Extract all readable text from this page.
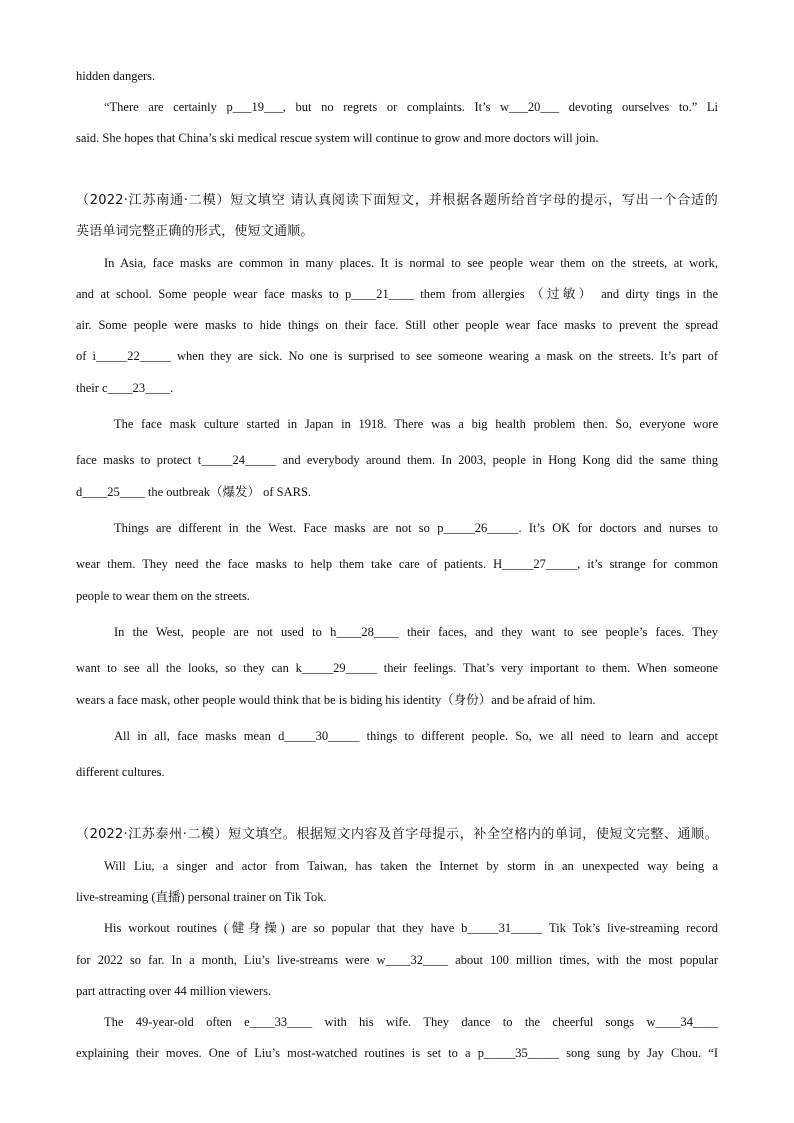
hidden dangers.
“There are certainly p___19___, but no regrets or complaints. It’s w___20___ devoting ourselves to.” Li
said. She hopes that China’s ski medical rescue system will continue to grow and more doctors will join.
（2022·江苏南通·二模）短文填空 请认真阅读下面短文，并根据各题所给首字母的提示，写出一个合适的
英语单词完整正确的形式，使短文通顺。
In Asia, face masks are common in many places. It is normal to see people wear them on the streets, at work,
and at school. Some people wear face masks to p____21____ them from allergies （过敏） and dirty tings in the
air. Some people were masks to hide things on their face. Still other people wear face masks to prevent the spread
of i_____22_____ when they are sick. No one is surprised to see someone wearing a mask on the streets. It’s part of
their c____23____.
The face mask culture started in Japan in 1918. There was a big health problem then. So, everyone wore
face masks to protect t_____24_____ and everybody around them. In 2003, people in Hong Kong did the same thing
d____25____ the outbreak（爆发） of SARS.
Things are different in the West. Face masks are not so p_____26_____. It’s OK for doctors and nurses to
wear them. They need the face masks to help them take care of patients. H_____27_____, it’s strange for common
people to wear them on the streets.
In the West, people are not used to h____28____ their faces, and they want to see people’s faces. They
want to see all the looks, so they can k_____29_____ their feelings. That’s very important to them. When someone
wears a face mask, other people would think that be is biding his identity（身份）and be afraid of him.
All in all, face masks mean d_____30_____ things to different people. So, we all need to learn and accept
different cultures.
（2022·江苏泰州·二模）短文填空。根据短文内容及首字母提示，补全空格内的单词，使短文完整、通顺。
Will Liu, a singer and actor from Taiwan, has taken the Internet by storm in an unexpected way being a
live-streaming (直播) personal trainer on Tik Tok.
His workout routines (健身操) are so popular that they have b_____31_____ Tik Tok’s live-streaming record
for 2022 so far. In a month, Liu’s live-streams were w____32____ about 100 million times, with the most popular
part attracting over 44 million viewers.
The 49-year-old often e____33____ with his wife. They dance to the cheerful songs w____34____
explaining their moves. One of Liu’s most-watched routines is set to a p_____35_____ song sung by Jay Chou. “I
